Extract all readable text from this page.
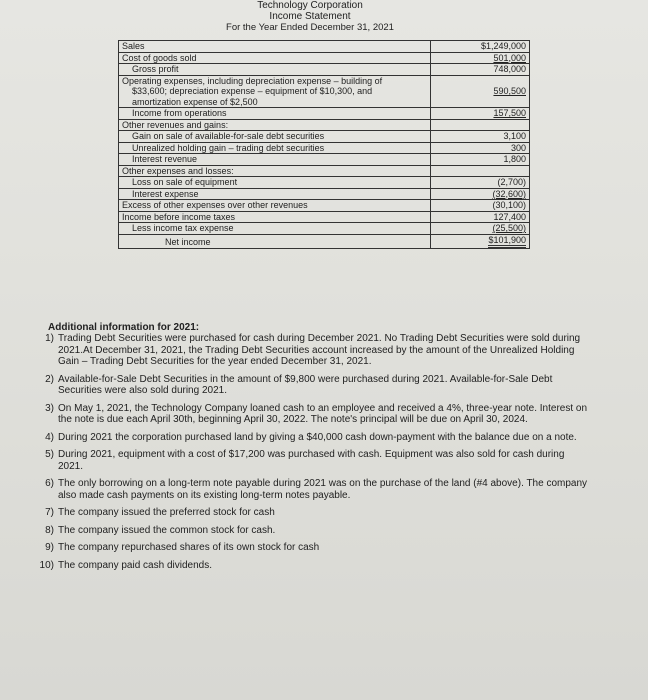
Technology Corporation
Income Statement
For the Year Ended December 31, 2021
Sales	$1,249,000
Cost of goods sold	501,000
Gross profit	748,000
Operating expenses, including depreciation expense – building of	
$33,600; depreciation expense – equipment of $10,300, and	590,500
amortization expense of $2,500	
Income from operations	157,500
Other revenues and gains:	
Gain on sale of available-for-sale debt securities	3,100
Unrealized holding gain – trading debt securities	300
Interest revenue	1,800
Other expenses and losses:	
Loss on sale of equipment	(2,700)
Interest expense	(32,600)
Excess of other expenses over other revenues	(30,100)
Income before income taxes	127,400
Less income tax expense	(25,500)
Net income	$101,900
Additional information for 2021:
1) Trading Debt Securities were purchased for cash during December 2021. No Trading Debt Securities were sold during 2021.At December 31, 2021, the Trading Debt Securities account increased by the amount of the Unrealized Holding Gain – Trading Debt Securities for the year ended December 31, 2021.
2) Available-for-Sale Debt Securities in the amount of $9,800 were purchased during 2021. Available-for-Sale Debt Securities were also sold during 2021.
3) On May 1, 2021, the Technology Company loaned cash to an employee and received a 4%, three-year note. Interest on the note is due each April 30th, beginning April 30, 2022. The note's principal will be due on April 30, 2024.
4) During 2021 the corporation purchased land by giving a $40,000 cash down-payment with the balance due on a note.
5) During 2021, equipment with a cost of $17,200 was purchased with cash. Equipment was also sold for cash during 2021.
6) The only borrowing on a long-term note payable during 2021 was on the purchase of the land (#4 above). The company also made cash payments on its existing long-term notes payable.
7) The company issued the preferred stock for cash
8) The company issued the common stock for cash.
9) The company repurchased shares of its own stock for cash
10) The company paid cash dividends.
